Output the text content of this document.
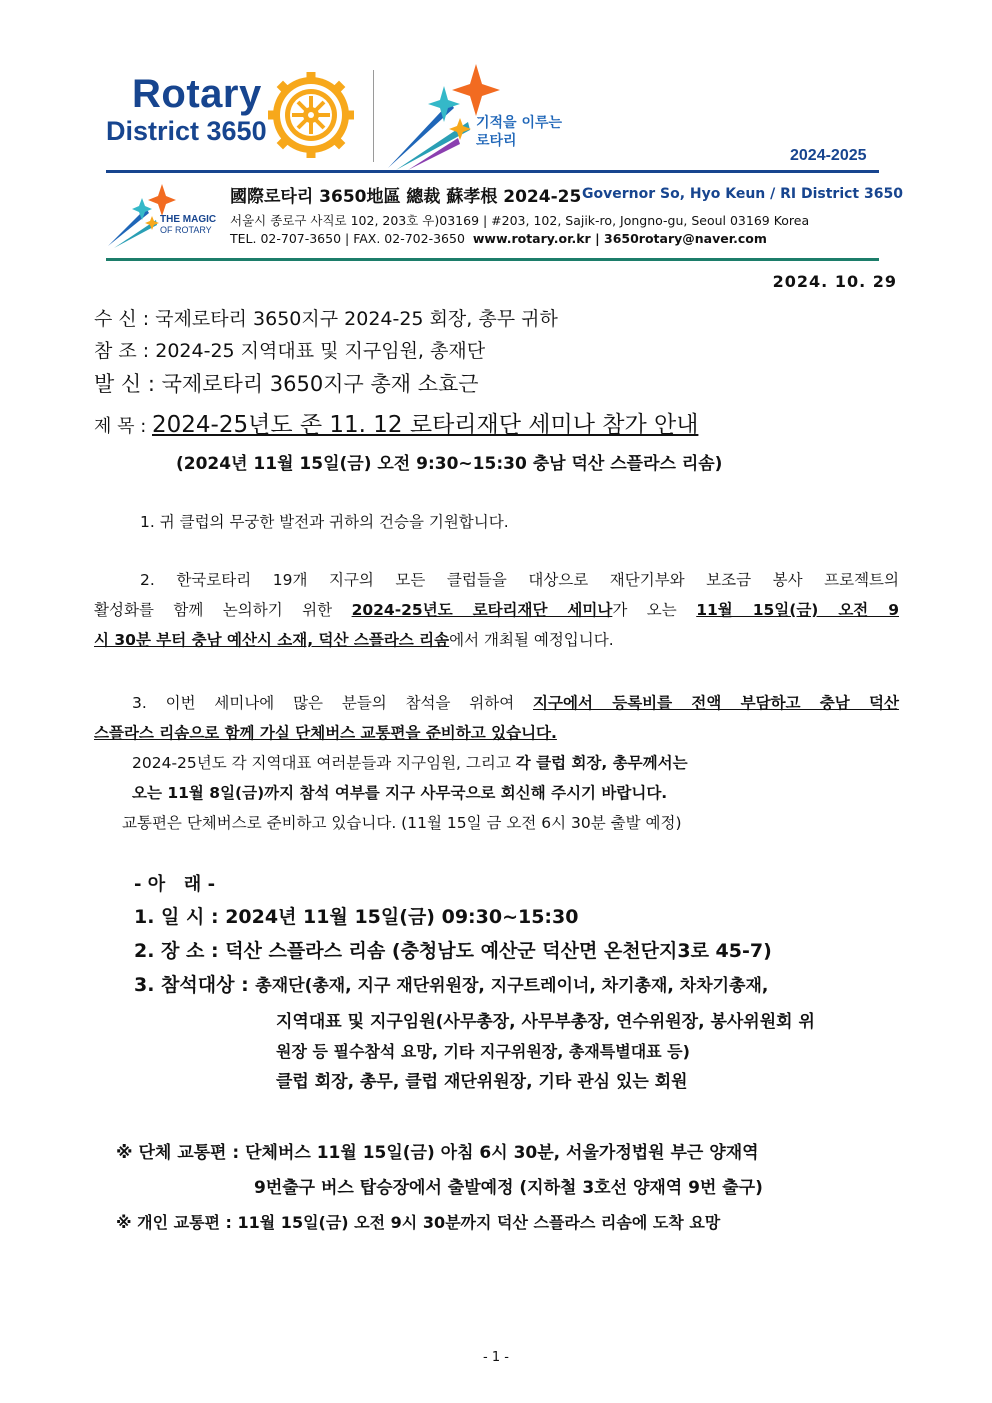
Rotary
District 3650	기적을 이루는
로타리
2024-2025
THE MAGIC
OF ROTARY
國際로타리 3650地區 總裁 蘇孝根 2024-25 Governor So, Hyo Keun / RI District 3650
서울시 종로구 사직로 102, 203호 우)03169 | #203, 102, Sajik-ro, Jongno-gu, Seoul 03169 Korea
TEL. 02-707-3650 | FAX. 02-702-3650 www.rotary.or.kr | 3650rotary@naver.com
2024. 10. 29
수 신 : 국제로타리 3650지구 2024-25 회장, 총무 귀하
참 조 : 2024-25 지역대표 및 지구임원, 총재단
발 신 : 국제로타리 3650지구 총재 소효근
제 목 : 2024-25년도 존 11. 12 로타리재단 세미나 참가 안내
(2024년 11월 15일(금) 오전 9:30~15:30 충남 덕산 스플라스 리솜)
1. 귀 클럽의 무궁한 발전과 귀하의 건승을 기원합니다.
2. 한국로타리 19개 지구의 모든 클럽들을 대상으로 재단기부와 보조금 봉사 프로젝트의
활성화를 함께 논의하기 위한 2024-25년도 로타리재단 세미나가 오는 11월 15일(금) 오전 9
시 30분 부터 충남 예산시 소재, 덕산 스플라스 리솜에서 개최될 예정입니다.
3. 이번 세미나에 많은 분들의 참석을 위하여 지구에서 등록비를 전액 부담하고 충남 덕산
스플라스 리솜으로 함께 가실 단체버스 교통편을 준비하고 있습니다.
2024-25년도 각 지역대표 여러분들과 지구임원, 그리고 각 클럽 회장, 총무께서는
오는 11월 8일(금)까지 참석 여부를 지구 사무국으로 회신해 주시기 바랍니다.
교통편은 단체버스로 준비하고 있습니다. (11월 15일 금 오전 6시 30분 출발 예정)
- 아   래 -
1. 일 시 : 2024년 11월 15일(금) 09:30~15:30
2. 장 소 : 덕산 스플라스 리솜 (충청남도 예산군 덕산면 온천단지3로 45-7)
3. 참석대상 : 총재단(총재, 지구 재단위원장, 지구트레이너, 차기총재, 차차기총재,
지역대표 및 지구임원(사무총장, 사무부총장, 연수위원장, 봉사위원회 위
원장 등 필수참석 요망, 기타 지구위원장, 총재특별대표 등)
클럽 회장, 총무, 클럽 재단위원장, 기타 관심 있는 회원
※ 단체 교통편 : 단체버스 11월 15일(금) 아침 6시 30분, 서울가정법원 부근 양재역
9번출구 버스 탑승장에서 출발예정 (지하철 3호선 양재역 9번 출구)
※ 개인 교통편 : 11월 15일(금) 오전 9시 30분까지 덕산 스플라스 리솜에 도착 요망
- 1 -
